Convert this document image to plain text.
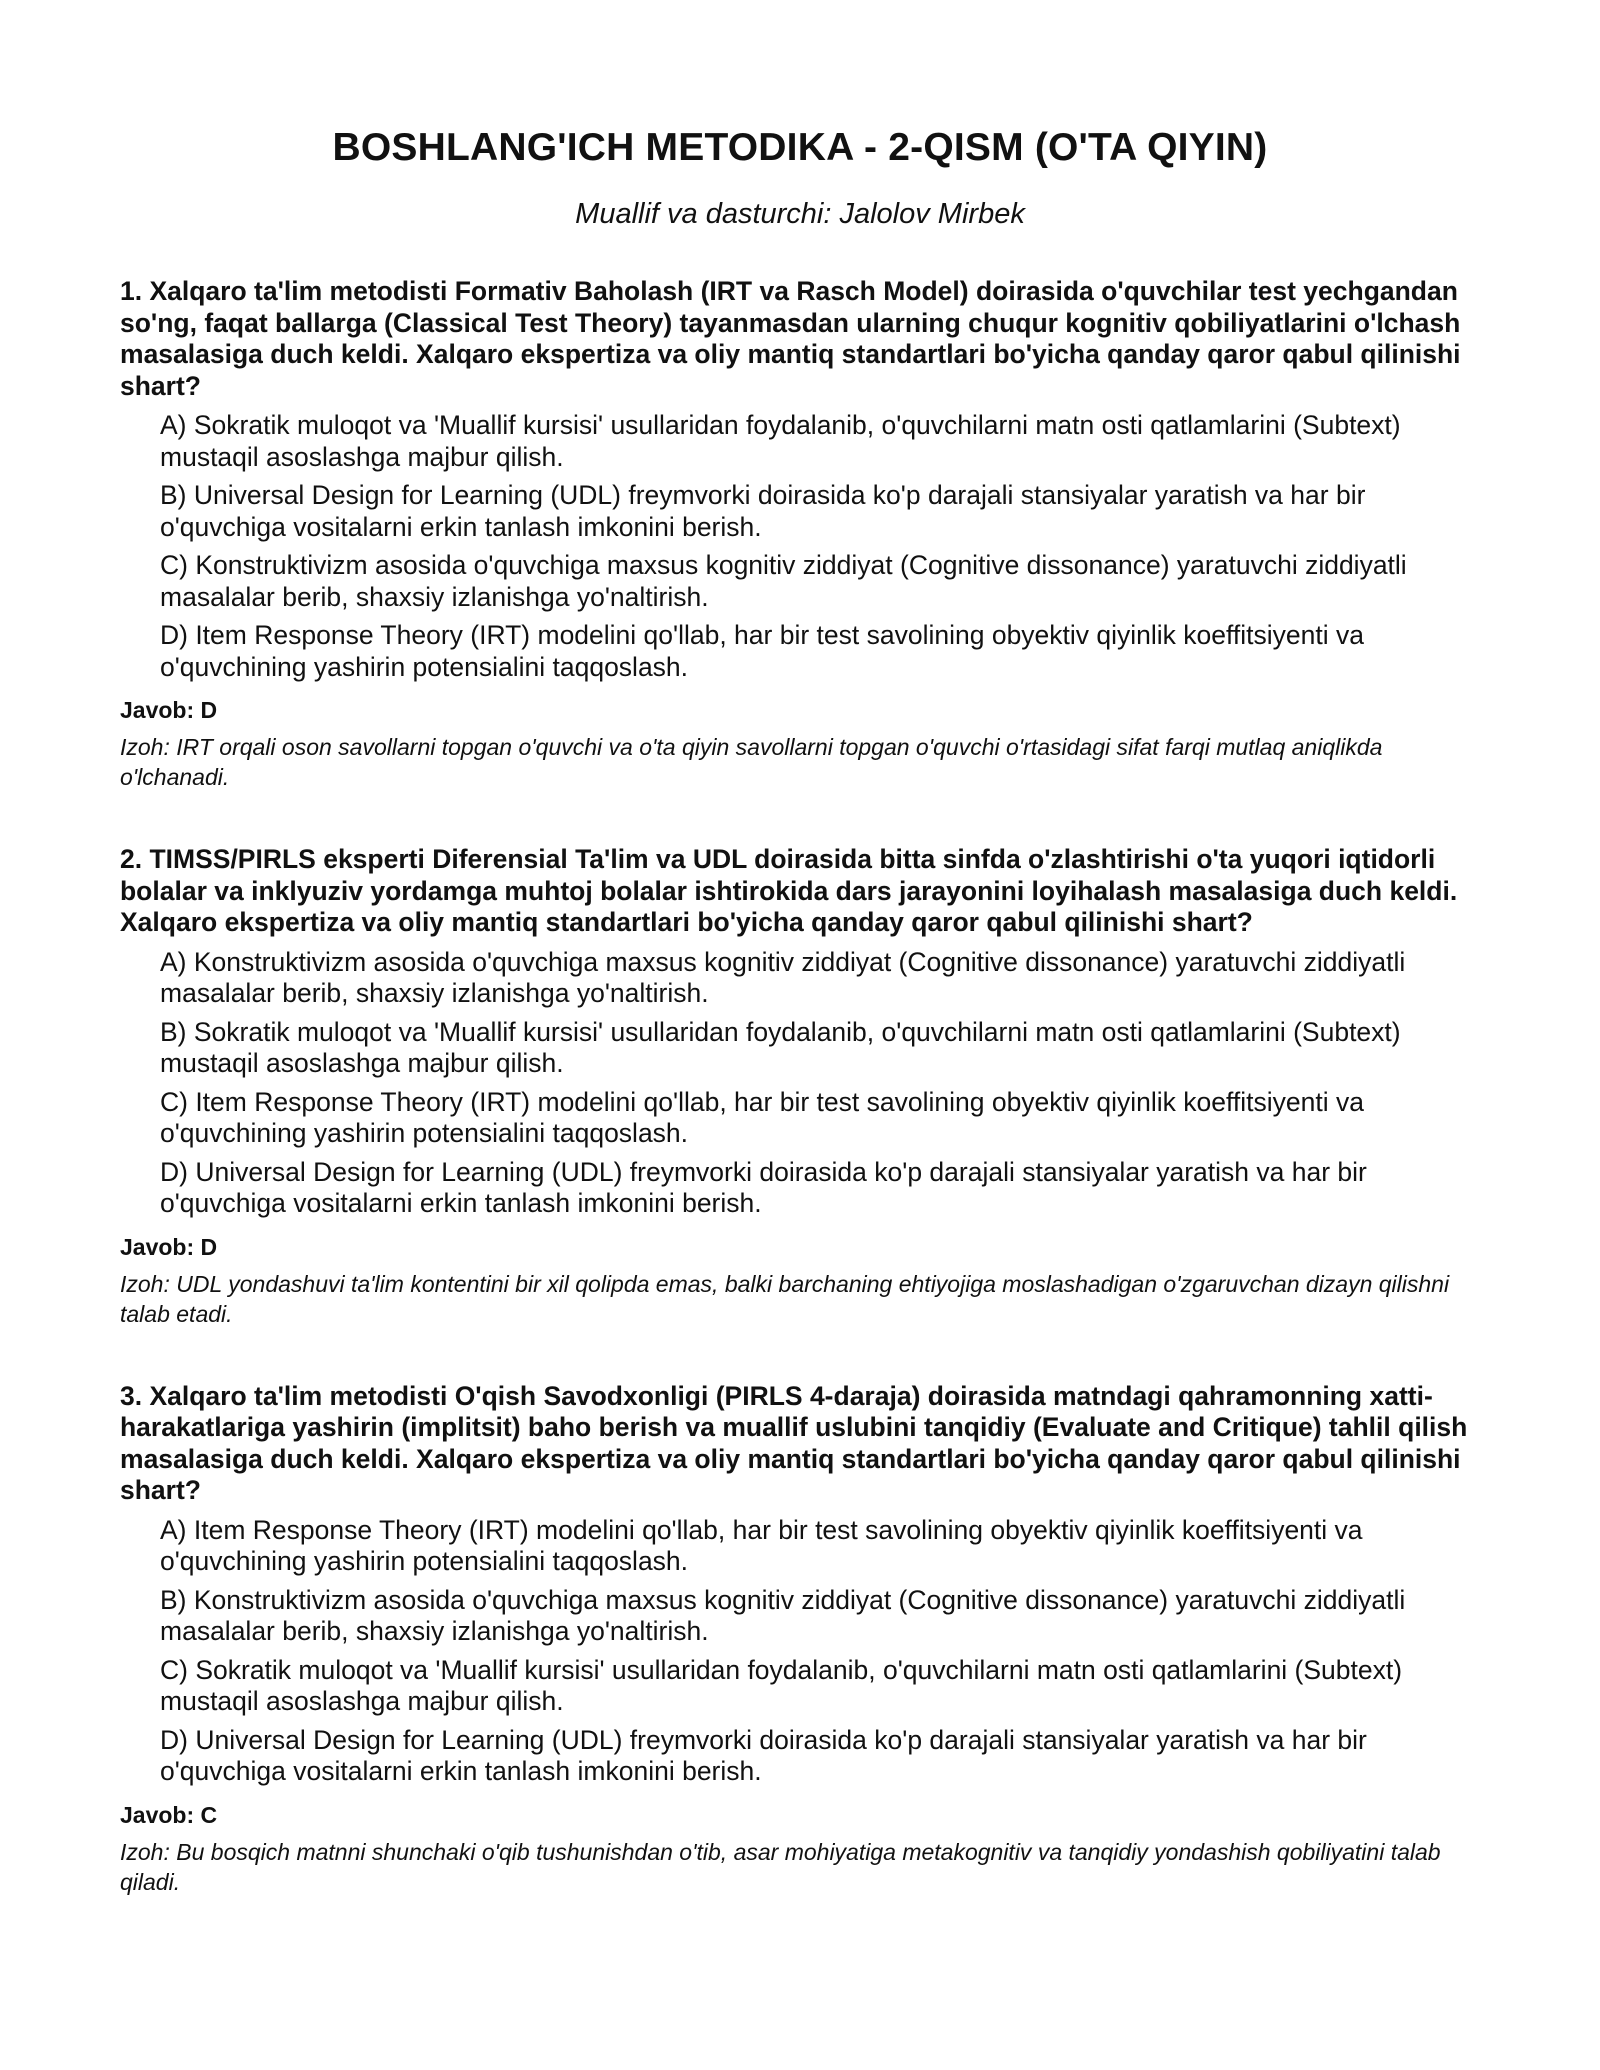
BOSHLANG'ICH METODIKA - 2-QISM (O'TA QIYIN)

Muallif va dasturchi: Jalolov Mirbek

1. Xalqaro ta'lim metodisti Formativ Baholash (IRT va Rasch Model) doirasida o'quvchilar test yechgandan so'ng, faqat ballarga (Classical Test Theory) tayanmasdan ularning chuqur kognitiv qobiliyatlarini o'lchash masalasiga duch keldi. Xalqaro ekspertiza va oliy mantiq standartlari bo'yicha qanday qaror qabul qilinishi shart?

A) Sokratik muloqot va 'Muallif kursisi' usullaridan foydalanib, o'quvchilarni matn osti qatlamlarini (Subtext) mustaqil asoslashga majbur qilish.
B) Universal Design for Learning (UDL) freymvorki doirasida ko'p darajali stansiyalar yaratish va har bir o'quvchiga vositalarni erkin tanlash imkonini berish.
C) Konstruktivizm asosida o'quvchiga maxsus kognitiv ziddiyat (Cognitive dissonance) yaratuvchi ziddiyatli masalalar berib, shaxsiy izlanishga yo'naltirish.
D) Item Response Theory (IRT) modelini qo'llab, har bir test savolining obyektiv qiyinlik koeffitsiyenti va o'quvchining yashirin potensialini taqqoslash.

Javob: D

Izoh: IRT orqali oson savollarni topgan o'quvchi va o'ta qiyin savollarni topgan o'quvchi o'rtasidagi sifat farqi mutlaq aniqlikda o'lchanadi.

2. TIMSS/PIRLS eksperti Diferensial Ta'lim va UDL doirasida bitta sinfda o'zlashtirishi o'ta yuqori iqtidorli bolalar va inklyuziv yordamga muhtoj bolalar ishtirokida dars jarayonini loyihalash masalasiga duch keldi. Xalqaro ekspertiza va oliy mantiq standartlari bo'yicha qanday qaror qabul qilinishi shart?

A) Konstruktivizm asosida o'quvchiga maxsus kognitiv ziddiyat (Cognitive dissonance) yaratuvchi ziddiyatli masalalar berib, shaxsiy izlanishga yo'naltirish.
B) Sokratik muloqot va 'Muallif kursisi' usullaridan foydalanib, o'quvchilarni matn osti qatlamlarini (Subtext) mustaqil asoslashga majbur qilish.
C) Item Response Theory (IRT) modelini qo'llab, har bir test savolining obyektiv qiyinlik koeffitsiyenti va o'quvchining yashirin potensialini taqqoslash.
D) Universal Design for Learning (UDL) freymvorki doirasida ko'p darajali stansiyalar yaratish va har bir o'quvchiga vositalarni erkin tanlash imkonini berish.

Javob: D

Izoh: UDL yondashuvi ta'lim kontentini bir xil qolipda emas, balki barchaning ehtiyojiga moslashadigan o'zgaruvchan dizayn qilishni talab etadi.

3. Xalqaro ta'lim metodisti O'qish Savodxonligi (PIRLS 4-daraja) doirasida matndagi qahramonning xatti-harakatlariga yashirin (implitsit) baho berish va muallif uslubini tanqidiy (Evaluate and Critique) tahlil qilish masalasiga duch keldi. Xalqaro ekspertiza va oliy mantiq standartlari bo'yicha qanday qaror qabul qilinishi shart?

A) Item Response Theory (IRT) modelini qo'llab, har bir test savolining obyektiv qiyinlik koeffitsiyenti va o'quvchining yashirin potensialini taqqoslash.
B) Konstruktivizm asosida o'quvchiga maxsus kognitiv ziddiyat (Cognitive dissonance) yaratuvchi ziddiyatli masalalar berib, shaxsiy izlanishga yo'naltirish.
C) Sokratik muloqot va 'Muallif kursisi' usullaridan foydalanib, o'quvchilarni matn osti qatlamlarini (Subtext) mustaqil asoslashga majbur qilish.
D) Universal Design for Learning (UDL) freymvorki doirasida ko'p darajali stansiyalar yaratish va har bir o'quvchiga vositalarni erkin tanlash imkonini berish.

Javob: C

Izoh: Bu bosqich matnni shunchaki o'qib tushunishdan o'tib, asar mohiyatiga metakognitiv va tanqidiy yondashish qobiliyatini talab qiladi.
